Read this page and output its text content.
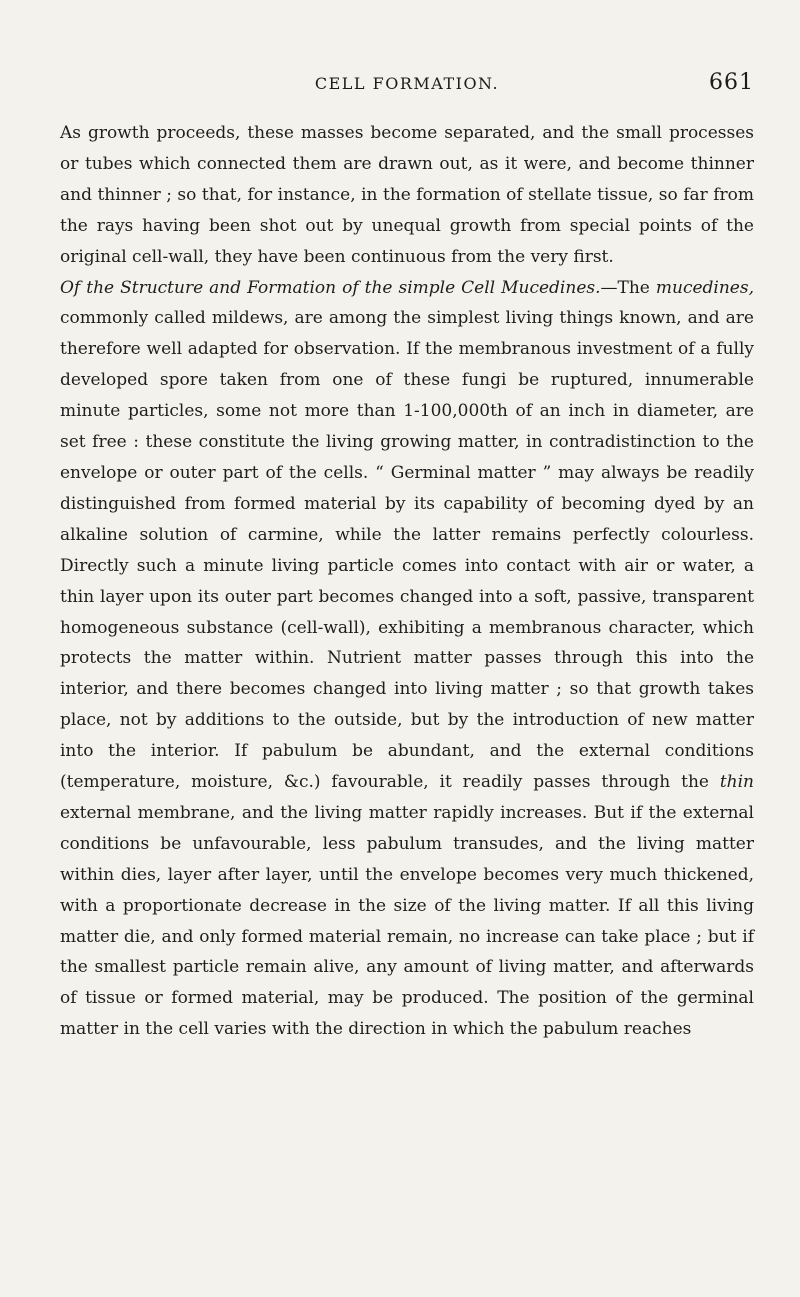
CELL FORMATION.	661

As growth proceeds, these masses become separated, and the small processes or tubes which connected them are drawn out, as it were, and become thinner and thinner ; so that, for instance, in the formation of stellate tissue, so far from the rays having been shot out by unequal growth from special points of the original cell-wall, they have been continuous from the very first.

Of the Structure and Formation of the simple Cell Mucedines.—The mucedines, commonly called mildews, are among the simplest living things known, and are therefore well adapted for observation. If the membranous investment of a fully developed spore taken from one of these fungi be ruptured, innumerable minute particles, some not more than 1-100,000th of an inch in diameter, are set free : these constitute the living growing matter, in contradistinction to the envelope or outer part of the cells. “ Germinal matter ” may always be readily distinguished from formed material by its capability of becoming dyed by an alkaline solution of carmine, while the latter remains perfectly colourless. Directly such a minute living particle comes into contact with air or water, a thin layer upon its outer part becomes changed into a soft, passive, transparent homogeneous substance (cell-wall), exhibiting a membranous character, which protects the matter within. Nutrient matter passes through this into the interior, and there becomes changed into living matter ; so that growth takes place, not by additions to the outside, but by the introduction of new matter into the interior. If pabulum be abundant, and the external conditions (temperature, moisture, &c.) favourable, it readily passes through the thin external membrane, and the living matter rapidly increases. But if the external conditions be unfavourable, less pabulum transudes, and the living matter within dies, layer after layer, until the envelope becomes very much thickened, with a proportionate decrease in the size of the living matter. If all this living matter die, and only formed material remain, no increase can take place ; but if the smallest particle remain alive, any amount of living matter, and afterwards of tissue or formed material, may be produced. The position of the germinal matter in the cell varies with the direction in which the pabulum reaches
